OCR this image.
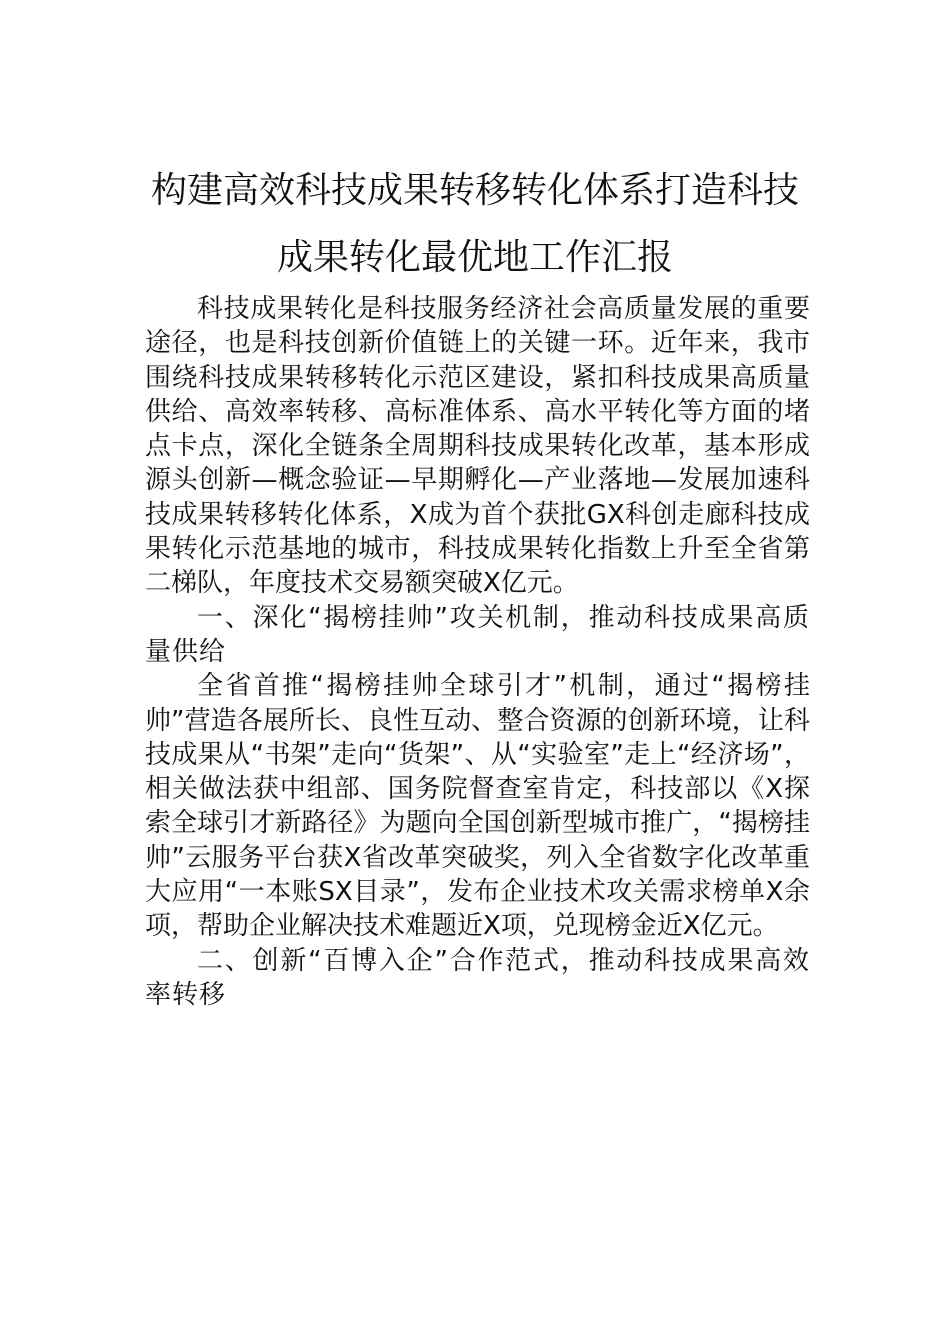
构建高效科技成果转移转化体系打造科技
成果转化最优地工作汇报

科技成果转化是科技服务经济社会高质量发展的重要途径，也是科技创新价值链上的关键一环。近年来，我市围绕科技成果转移转化示范区建设，紧扣科技成果高质量供给、高效率转移、高标准体系、高水平转化等方面的堵点卡点，深化全链条全周期科技成果转化改革，基本形成源头创新—概念验证—早期孵化—产业落地—发展加速科技成果转移转化体系，X成为首个获批GX科创走廊科技成果转化示范基地的城市，科技成果转化指数上升至全省第二梯队，年度技术交易额突破X亿元。

一、深化“揭榜挂帅”攻关机制，推动科技成果高质量供给

全省首推“揭榜挂帅全球引才”机制，通过“揭榜挂帅”营造各展所长、良性互动、整合资源的创新环境，让科技成果从“书架”走向“货架”、从“实验室”走上“经济场”，相关做法获中组部、国务院督查室肯定，科技部以《X探索全球引才新路径》为题向全国创新型城市推广，“揭榜挂帅”云服务平台获X省改革突破奖，列入全省数字化改革重大应用“一本账SX目录”，发布企业技术攻关需求榜单X余项，帮助企业解决技术难题近X项，兑现榜金近X亿元。

二、创新“百博入企”合作范式，推动科技成果高效率转移
